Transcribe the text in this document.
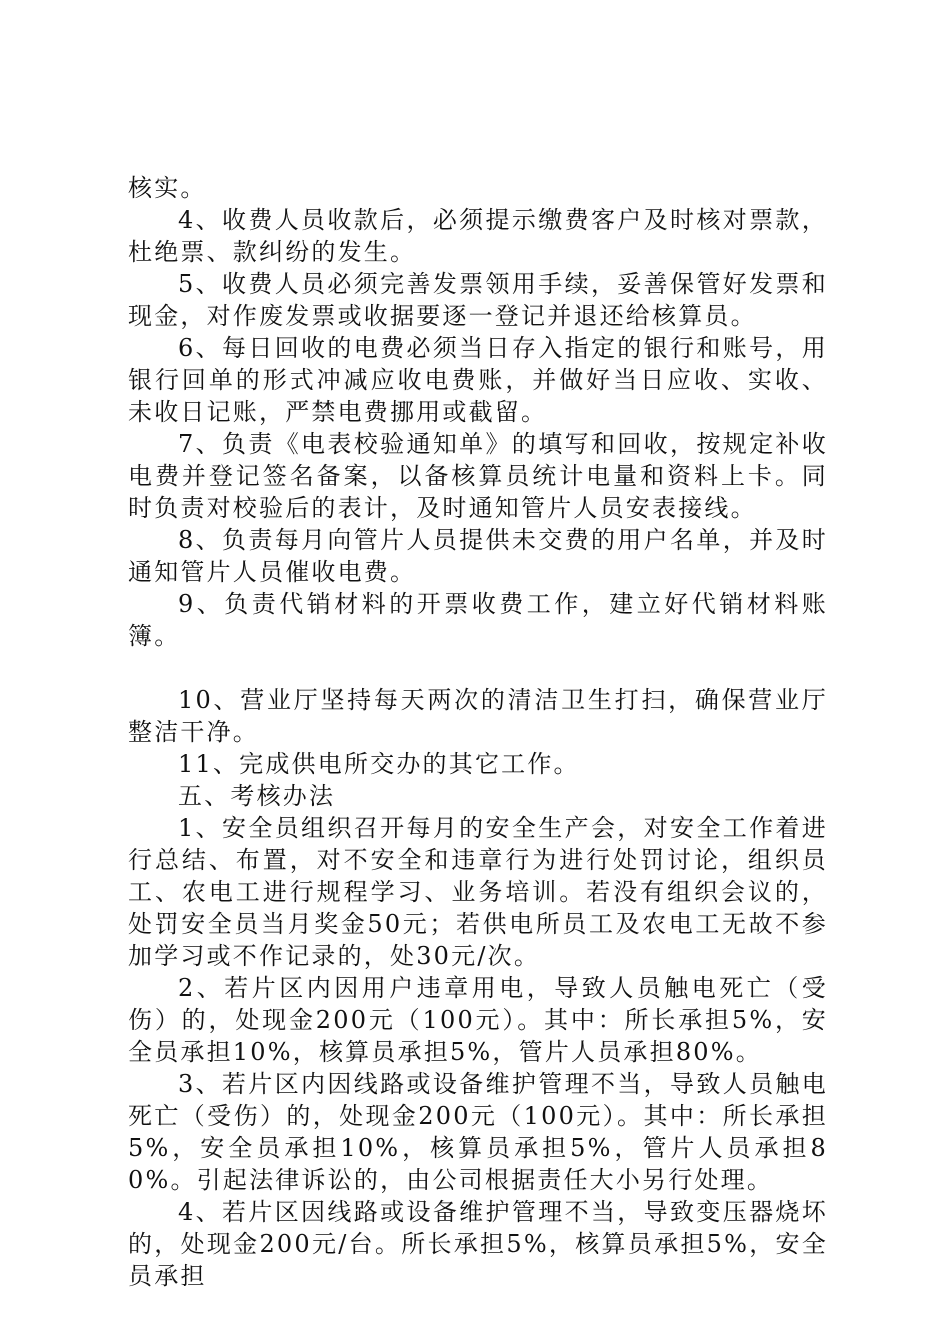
核实。

4、收费人员收款后，必须提示缴费客户及时核对票款，杜绝票、款纠纷的发生。

5、收费人员必须完善发票领用手续，妥善保管好发票和现金，对作废发票或收据要逐一登记并退还给核算员。

6、每日回收的电费必须当日存入指定的银行和账号，用银行回单的形式冲减应收电费账，并做好当日应收、实收、未收日记账，严禁电费挪用或截留。

7、负责《电表校验通知单》的填写和回收，按规定补收电费并登记签名备案，以备核算员统计电量和资料上卡。同时负责对校验后的表计，及时通知管片人员安表接线。

8、负责每月向管片人员提供未交费的用户名单，并及时通知管片人员催收电费。

9、负责代销材料的开票收费工作，建立好代销材料账簿。

10、营业厅坚持每天两次的清洁卫生打扫，确保营业厅整洁干净。

11、完成供电所交办的其它工作。

五、考核办法

1、安全员组织召开每月的安全生产会，对安全工作着进行总结、布置，对不安全和违章行为进行处罚讨论，组织员工、农电工进行规程学习、业务培训。若没有组织会议的，处罚安全员当月奖金50元；若供电所员工及农电工无故不参加学习或不作记录的，处30元/次。

2、若片区内因用户违章用电，导致人员触电死亡（受伤）的，处现金200元（100元）。其中：所长承担5%，安全员承担10%，核算员承担5%，管片人员承担80%。

3、若片区内因线路或设备维护管理不当，导致人员触电死亡（受伤）的，处现金200元（100元）。其中：所长承担5%，安全员承担10%，核算员承担5%，管片人员承担80%。引起法律诉讼的，由公司根据责任大小另行处理。

4、若片区因线路或设备维护管理不当，导致变压器烧坏的，处现金200元/台。所长承担5%，核算员承担5%，安全员承担
